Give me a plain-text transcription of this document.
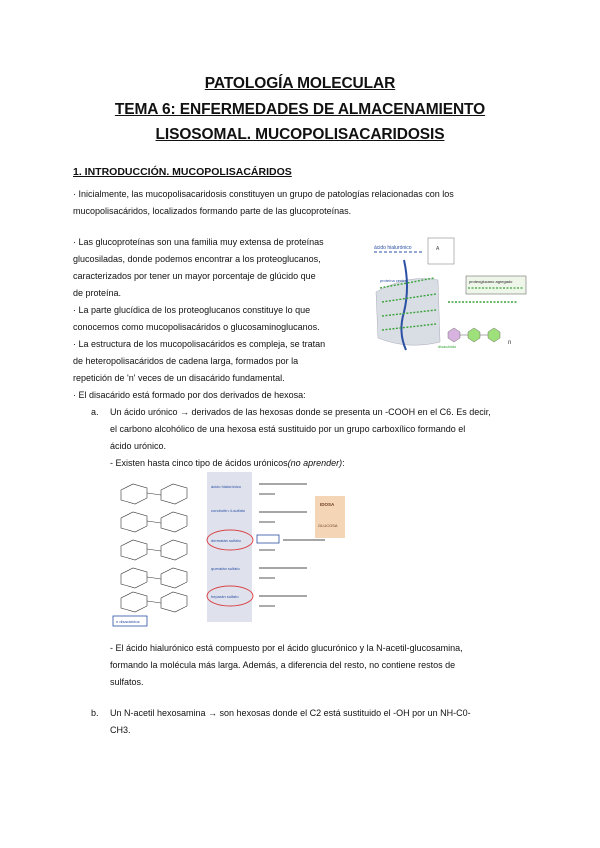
PATOLOGÍA MOLECULAR
TEMA 6: ENFERMEDADES DE ALMACENAMIENTO
LISOSOMAL. MUCOPOLISACARIDOSIS
1. INTRODUCCIÓN. MUCOPOLISACÁRIDOS
· Inicialmente, las mucopolisacaridosis constituyen un grupo de patologías relacionadas con los
mucopolisacáridos, localizados formando parte de las glucoproteínas.
· Las glucoproteínas son una familia muy extensa de proteínas
glucosiladas, donde podemos encontrar a los proteoglucanos,
caracterizados por tener un mayor porcentaje de glúcido que
de proteína.
· La parte glucídica de los proteoglucanos constituye lo que
conocemos como mucopolisacáridos o glucosaminoglucanos.
· La estructura de los mucopolisacáridos es compleja, se tratan
de heteropolisacáridos de cadena larga, formados por la
repetición de 'n' veces de un disacárido fundamental.
ácido hialurónico	A
proteoglucano agregado
proteína central
disacárido
n
· El disacárido está formado por dos derivados de hexosa:
a. Un ácido urónico → derivados de las hexosas donde se presenta un -COOH en el C6. Es decir,
el carbono alcohólico de una hexosa está sustituido por un grupo carboxílico formando el
ácido urónico.
- Existen hasta cinco tipo de ácidos urónicos(no aprender):
ácido hialurónico
condroitín 4-sulfato
dermatán sulfato
queratán sulfato
heparán sulfato
IDOSA
GLUCOSA
n disacáridos
- El ácido hialurónico está compuesto por el ácido glucurónico y la N-acetil-glucosamina,
formando la molécula más larga. Además, a diferencia del resto, no contiene restos de
sulfatos.
b. Un N-acetil hexosamina → son hexosas donde el C2 está sustituido el -OH por un NH-C0-
CH3.
